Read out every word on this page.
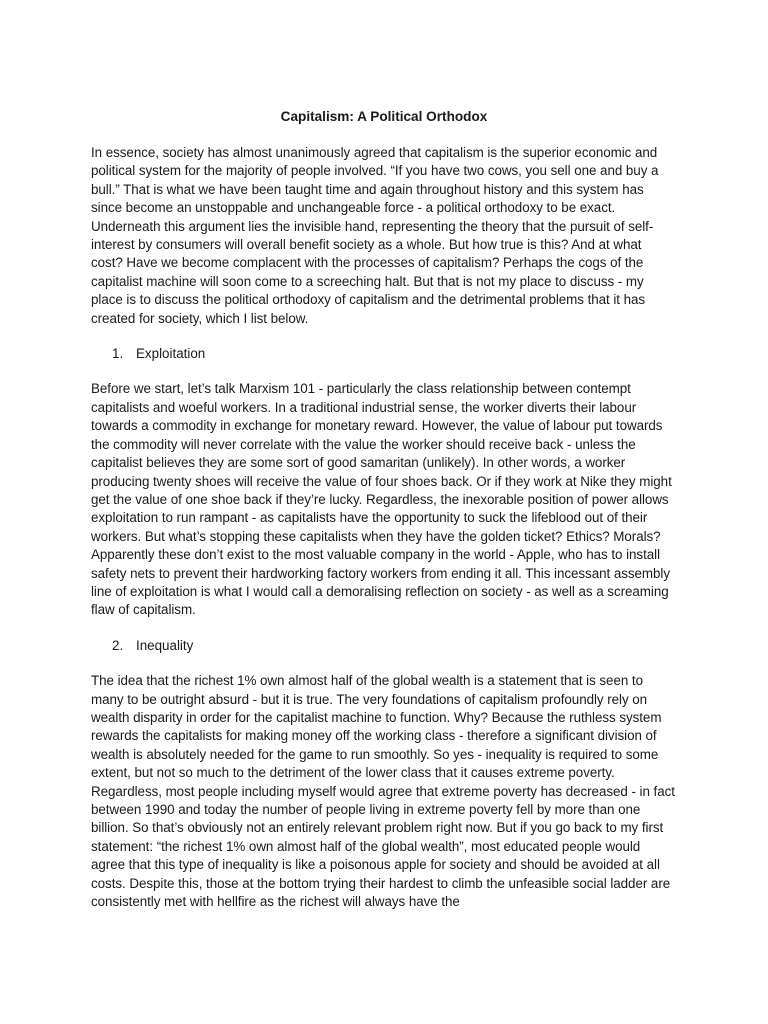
Capitalism: A Political Orthodox

In essence, society has almost unanimously agreed that capitalism is the superior economic and political system for the majority of people involved. “If you have two cows, you sell one and buy a bull.” That is what we have been taught time and again throughout history and this system has since become an unstoppable and unchangeable force - a political orthodoxy to be exact. Underneath this argument lies the invisible hand, representing the theory that the pursuit of self-interest by consumers will overall benefit society as a whole. But how true is this? And at what cost? Have we become complacent with the processes of capitalism? Perhaps the cogs of the capitalist machine will soon come to a screeching halt. But that is not my place to discuss - my place is to discuss the political orthodoxy of capitalism and the detrimental problems that it has created for society, which I list below.

1. Exploitation

Before we start, let’s talk Marxism 101 - particularly the class relationship between contempt capitalists and woeful workers. In a traditional industrial sense, the worker diverts their labour towards a commodity in exchange for monetary reward. However, the value of labour put towards the commodity will never correlate with the value the worker should receive back - unless the capitalist believes they are some sort of good samaritan (unlikely). In other words, a worker producing twenty shoes will receive the value of four shoes back. Or if they work at Nike they might get the value of one shoe back if they’re lucky. Regardless, the inexorable position of power allows exploitation to run rampant - as capitalists have the opportunity to suck the lifeblood out of their workers. But what’s stopping these capitalists when they have the golden ticket? Ethics? Morals? Apparently these don’t exist to the most valuable company in the world - Apple, who has to install safety nets to prevent their hardworking factory workers from ending it all. This incessant assembly line of exploitation is what I would call a demoralising reflection on society - as well as a screaming flaw of capitalism.

2. Inequality

The idea that the richest 1% own almost half of the global wealth is a statement that is seen to many to be outright absurd - but it is true. The very foundations of capitalism profoundly rely on wealth disparity in order for the capitalist machine to function. Why? Because the ruthless system rewards the capitalists for making money off the working class - therefore a significant division of wealth is absolutely needed for the game to run smoothly. So yes - inequality is required to some extent, but not so much to the detriment of the lower class that it causes extreme poverty. Regardless, most people including myself would agree that extreme poverty has decreased - in fact between 1990 and today the number of people living in extreme poverty fell by more than one billion. So that’s obviously not an entirely relevant problem right now. But if you go back to my first statement: “the richest 1% own almost half of the global wealth”, most educated people would agree that this type of inequality is like a poisonous apple for society and should be avoided at all costs. Despite this, those at the bottom trying their hardest to climb the unfeasible social ladder are consistently met with hellfire as the richest will always have the
